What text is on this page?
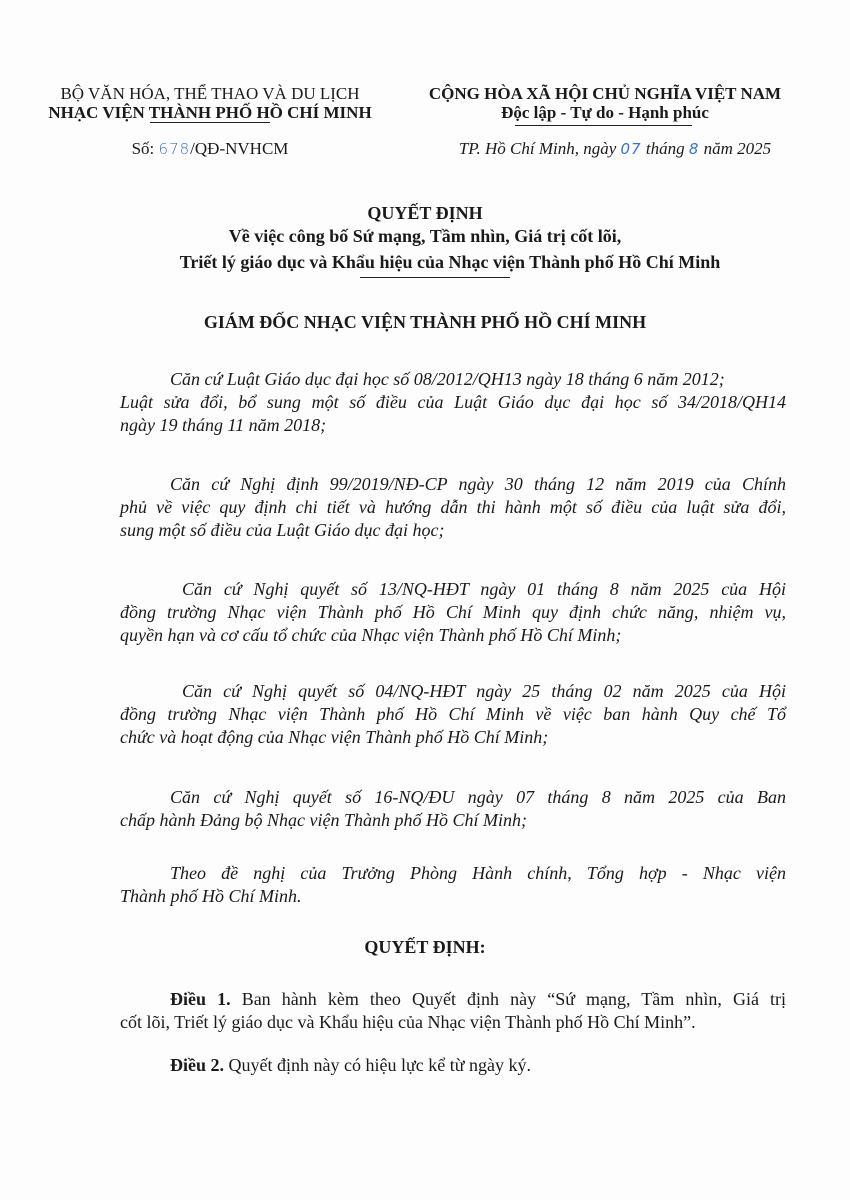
BỘ VĂN HÓA, THỂ THAO VÀ DU LỊCH
NHẠC VIỆN THÀNH PHỐ HỒ CHÍ MINH
Số: 678/QĐ-NVHCM
CỘNG HÒA XÃ HỘI CHỦ NGHĨA VIỆT NAM
Độc lập - Tự do - Hạnh phúc
TP. Hồ Chí Minh, ngày 07 tháng 8 năm 2025
QUYẾT ĐỊNH
Về việc công bố Sứ mạng, Tầm nhìn, Giá trị cốt lõi,
Triết lý giáo dục và Khẩu hiệu của Nhạc viện Thành phố Hồ Chí Minh
GIÁM ĐỐC NHẠC VIỆN THÀNH PHỐ HỒ CHÍ MINH
Căn cứ Luật Giáo dục đại học số 08/2012/QH13 ngày 18 tháng 6 năm 2012;
Luật sửa đổi, bổ sung một số điều của Luật Giáo dục đại học số 34/2018/QH14
ngày 19 tháng 11 năm 2018;
Căn cứ Nghị định 99/2019/NĐ-CP ngày 30 tháng 12 năm 2019 của Chính
phủ về việc quy định chi tiết và hướng dẫn thi hành một số điều của luật sửa đổi,
sung một số điều của Luật Giáo dục đại học;
Căn cứ Nghị quyết số 13/NQ-HĐT ngày 01 tháng 8 năm 2025 của Hội
đồng trường Nhạc viện Thành phố Hồ Chí Minh quy định chức năng, nhiệm vụ,
quyền hạn và cơ cấu tổ chức của Nhạc viện Thành phố Hồ Chí Minh;
Căn cứ Nghị quyết số 04/NQ-HĐT ngày 25 tháng 02 năm 2025 của Hội
đồng trường Nhạc viện Thành phố Hồ Chí Minh về việc ban hành Quy chế Tổ
chức và hoạt động của Nhạc viện Thành phố Hồ Chí Minh;
Căn cứ Nghị quyết số 16-NQ/ĐU ngày 07 tháng 8 năm 2025 của Ban
chấp hành Đảng bộ Nhạc viện Thành phố Hồ Chí Minh;
Theo đề nghị của Trưởng Phòng Hành chính, Tổng hợp - Nhạc viện
Thành phố Hồ Chí Minh.
QUYẾT ĐỊNH:
Điều 1. Ban hành kèm theo Quyết định này “Sứ mạng, Tầm nhìn, Giá trị
cốt lõi, Triết lý giáo dục và Khẩu hiệu của Nhạc viện Thành phố Hồ Chí Minh”.
Điều 2. Quyết định này có hiệu lực kể từ ngày ký.
